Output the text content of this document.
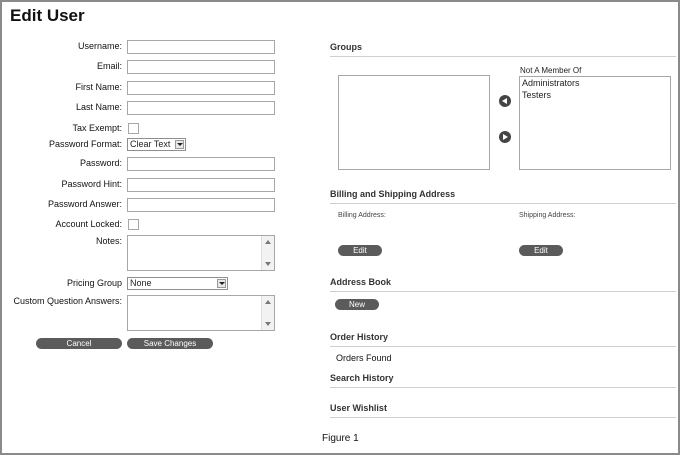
Edit User
Username:
Email:
First Name:
Last Name:
Tax Exempt:
Password Format: Clear Text
Password:
Password Hint:
Password Answer:
Account Locked:
Notes:
Pricing Group None
Custom Question Answers:
Cancel	Save Changes
Groups
Not A Member Of
Administrators
Testers
Billing and Shipping Address
Billing Address:	Shipping Address:
Edit	Edit
Address Book
New
Order History
Orders Found
Search History
User Wishlist
Figure 1
